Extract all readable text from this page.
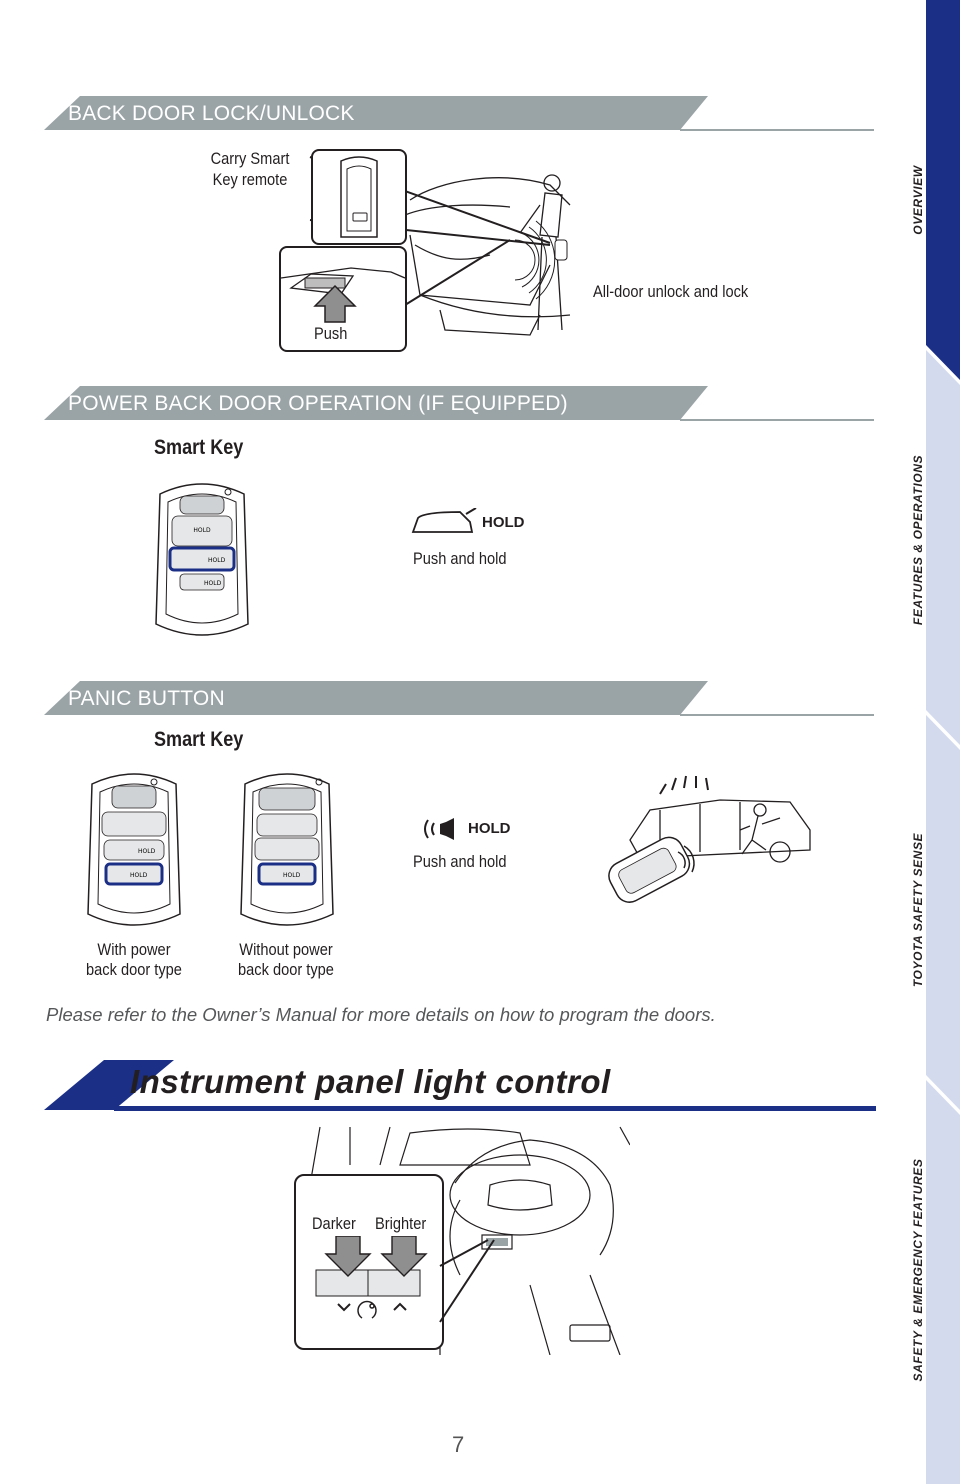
OVERVIEW
FEATURES & OPERATIONS
TOYOTA SAFETY SENSE
SAFETY & EMERGENCY FEATURES
BACK DOOR LOCK/UNLOCK
Carry Smart Key remote
Push
All-door unlock and lock
POWER BACK DOOR OPERATION (IF EQUIPPED)
Smart Key
HOLD
HOLD
HOLD
HOLD
Push and hold
PANIC BUTTON
Smart Key
HOLD
HOLD	HOLD
With power back door type
Without power back door type
HOLD
Push and hold
Please refer to the Owner’s Manual for more details on how to program the doors.
Instrument panel light control
Darker Brighter
7
